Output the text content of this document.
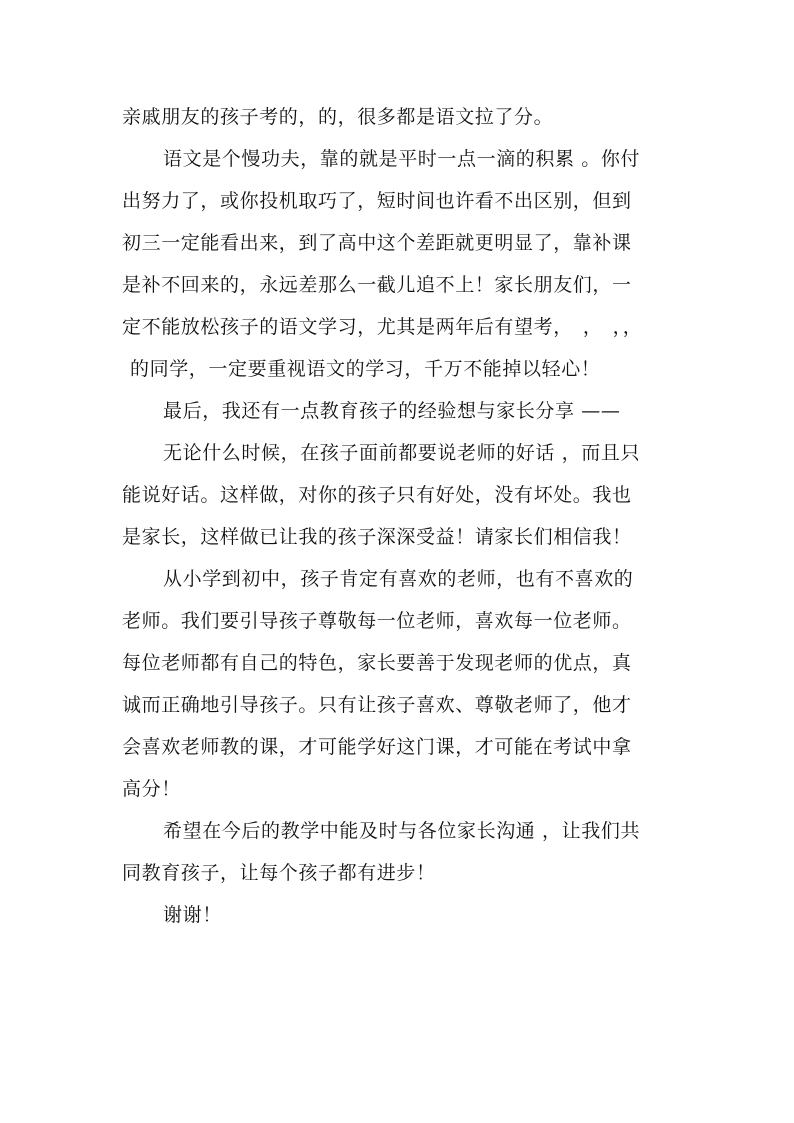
亲戚朋友的孩子考的，的，很多都是语文拉了分。
语文是个慢功夫，靠的就是平时一点一滴的积累 。你付
出努力了，或你投机取巧了，短时间也许看不出区别，但到
初三一定能看出来，到了高中这个差距就更明显了，靠补课
是补不回来的，永远差那么一截儿追不上！家长朋友们，一
定不能放松孩子的语文学习，尤其是两年后有望考，　，　，，
的同学，一定要重视语文的学习，千万不能掉以轻心！
最后，我还有一点教育孩子的经验想与家长分享 ——
无论什么时候，在孩子面前都要说老师的好话 ，而且只
能说好话。这样做，对你的孩子只有好处，没有坏处。我也
是家长，这样做已让我的孩子深深受益！请家长们相信我！
从小学到初中，孩子肯定有喜欢的老师，也有不喜欢的
老师。我们要引导孩子尊敬每一位老师，喜欢每一位老师。
每位老师都有自己的特色，家长要善于发现老师的优点，真
诚而正确地引导孩子。只有让孩子喜欢、尊敬老师了，他才
会喜欢老师教的课，才可能学好这门课，才可能在考试中拿
高分！
希望在今后的教学中能及时与各位家长沟通 ，让我们共
同教育孩子，让每个孩子都有进步！
谢谢！
